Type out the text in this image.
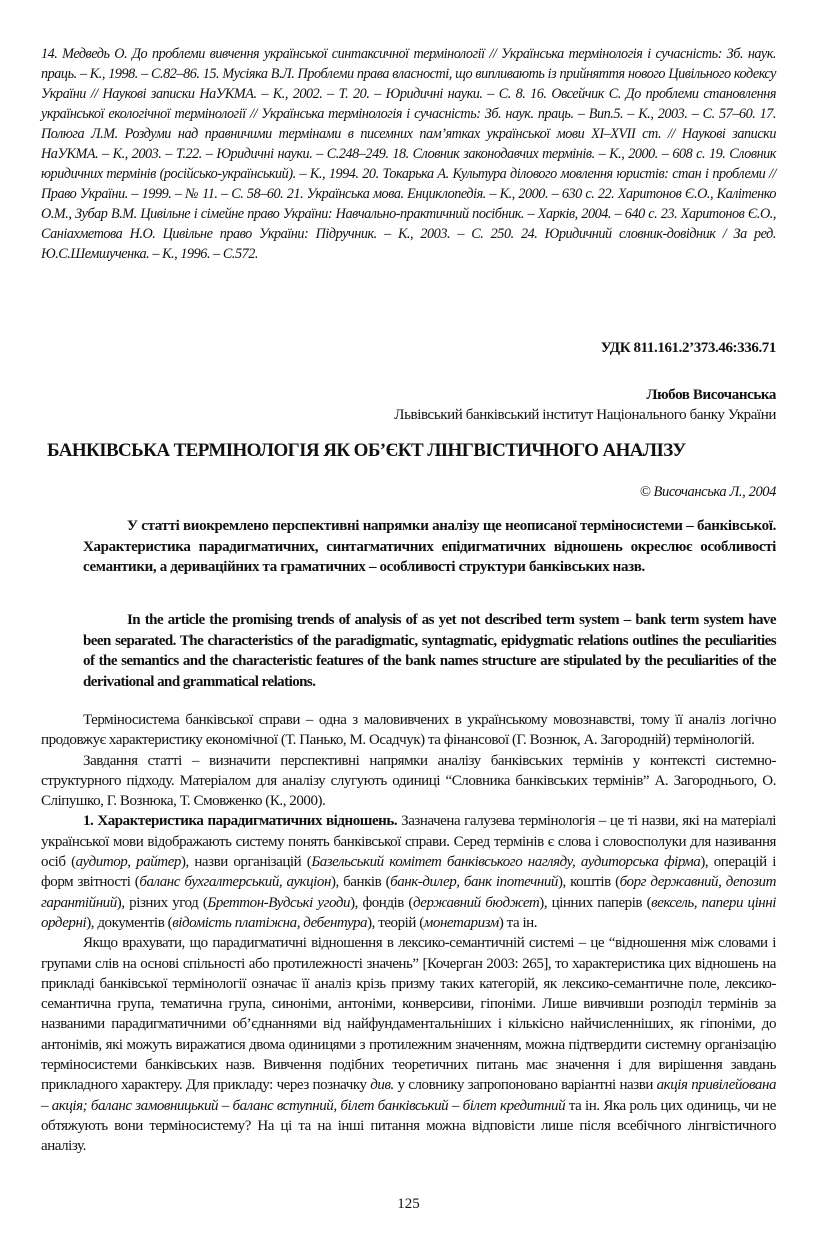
14. Медведь О. До проблеми вивчення української синтаксичної термінології // Українська термінологія і сучасність: Зб. наук. праць. – К., 1998. – С.82–86. 15. Мусіяка В.Л. Проблеми права власності, що випливають із прийняття нового Цивільного кодексу України // Наукові записки НаУКМА. – К., 2002. – Т. 20. – Юридичні науки. – С. 8. 16. Овсейчик С. До проблеми становлення української екологічної термінології // Українська термінологія і сучасність: Зб. наук. праць. – Вип.5. – К., 2003. – С. 57–60. 17. Полюга Л.М. Роздуми над правничими термінами в писемних пам’ятках української мови XI–XVII ст. // Наукові записки НаУКМА. – К., 2003. – Т.22. – Юридичні науки. – С.248–249. 18. Словник законодавчих термінів. – К., 2000. – 608 с. 19. Словник юридичних термінів (російсько-український). – К., 1994. 20. Токарька А. Культура ділового мовлення юристів: стан і проблеми // Право України. – 1999. – № 11. – С. 58–60. 21. Українська мова. Енциклопедія. – К., 2000. – 630 с. 22. Харитонов Є.О., Калітенко О.М., Зубар В.М. Цивільне і сімейне право України: Навчально-практичний посібник. – Харків, 2004. – 640 с. 23. Харитонов Є.О., Саніахметова Н.О. Цивільне право України: Підручник. – К., 2003. – С. 250. 24. Юридичний словник-довідник / За ред. Ю.С.Шемшученка. – К., 1996. – С.572.
УДК 811.161.2’373.46:336.71
Любов Височанська
Львівський банківський інститут Національного банку України
БАНКІВСЬКА ТЕРМІНОЛОГІЯ ЯК ОБ’ЄКТ ЛІНГВІСТИЧНОГО АНАЛІЗУ
© Височанська Л., 2004
У статті виокремлено перспективні напрямки аналізу ще неописаної терміносистеми – банківської. Характеристика парадигматичних, синтагматичних епідигматичних відношень окреслює особливості семантики, а дериваційних та граматичних – особливості структури банківських назв.
In the article the promising trends of analysis of as yet not described term system – bank term system have been separated. The characteristics of the paradigmatic, syntagmatic, epidygmatic relations outlines the peculiarities of the semantics and the characteristic features of the bank names structure are stipulated by the peculiarities of the derivational and grammatical relations.

Терміносистема банківської справи – одна з маловивчених в українському мовознавстві, тому її аналіз логічно продовжує характеристику економічної (Т. Панько, М. Осадчук) та фінансової (Г. Вознюк, А. Загородній) термінологій.

Завдання статті – визначити перспективні напрямки аналізу банківських термінів у контексті системно-структурного підходу. Матеріалом для аналізу слугують одиниці “Словника банківських термінів” А. Загороднього, О. Сліпушко, Г. Вознюка, Т. Смовженко (К., 2000).

1. Характеристика парадигматичних відношень. Зазначена галузева термінологія – це ті назви, які на матеріалі української мови відображають систему понять банківської справи. Серед термінів є слова і словосполуки для називання осіб (аудитор, райтер), назви організацій (Базельський комітет банківського нагляду, аудиторська фірма), операцій і форм звітності (баланс бухгалтерський, аукціон), банків (банк-дилер, банк іпотечний), коштів (борг державний, депозит гарантійний), різних угод (Бреттон-Вудські угоди), фондів (державний бюджет), цінних паперів (вексель, папери цінні ордерні), документів (відомість платіжна, дебентура), теорій (монетаризм) та ін.

Якщо врахувати, що парадигматичні відношення в лексико-семантичній системі – це “відношення між словами і групами слів на основі спільності або протилежності значень” [Кочерган 2003: 265], то характеристика цих відношень на прикладі банківської термінології означає її аналіз крізь призму таких категорій, як лексико-семантичне поле, лексико-семантична група, тематична група, синоніми, антоніми, конверсиви, гіпоніми. Лише вивчивши розподіл термінів за названими парадигматичними об’єднаннями від найфундаментальніших і кількісно найчисленніших, як гіпоніми, до антонімів, які можуть виражатися двома одиницями з протилежним значенням, можна підтвердити системну організацію терміносистеми банківських назв. Вивчення подібних теоретичних питань має значення і для вирішення завдань прикладного характеру. Для прикладу: через позначку див. у словнику запропоновано варіантні назви акція привілейована – акція; баланс замовницький – баланс вступний, білет банківський – білет кредитний та ін. Яка роль цих одиниць, чи не обтяжують вони терміносистему? На ці та на інші питання можна відповісти лише після всебічного лінгвістичного аналізу.

125
